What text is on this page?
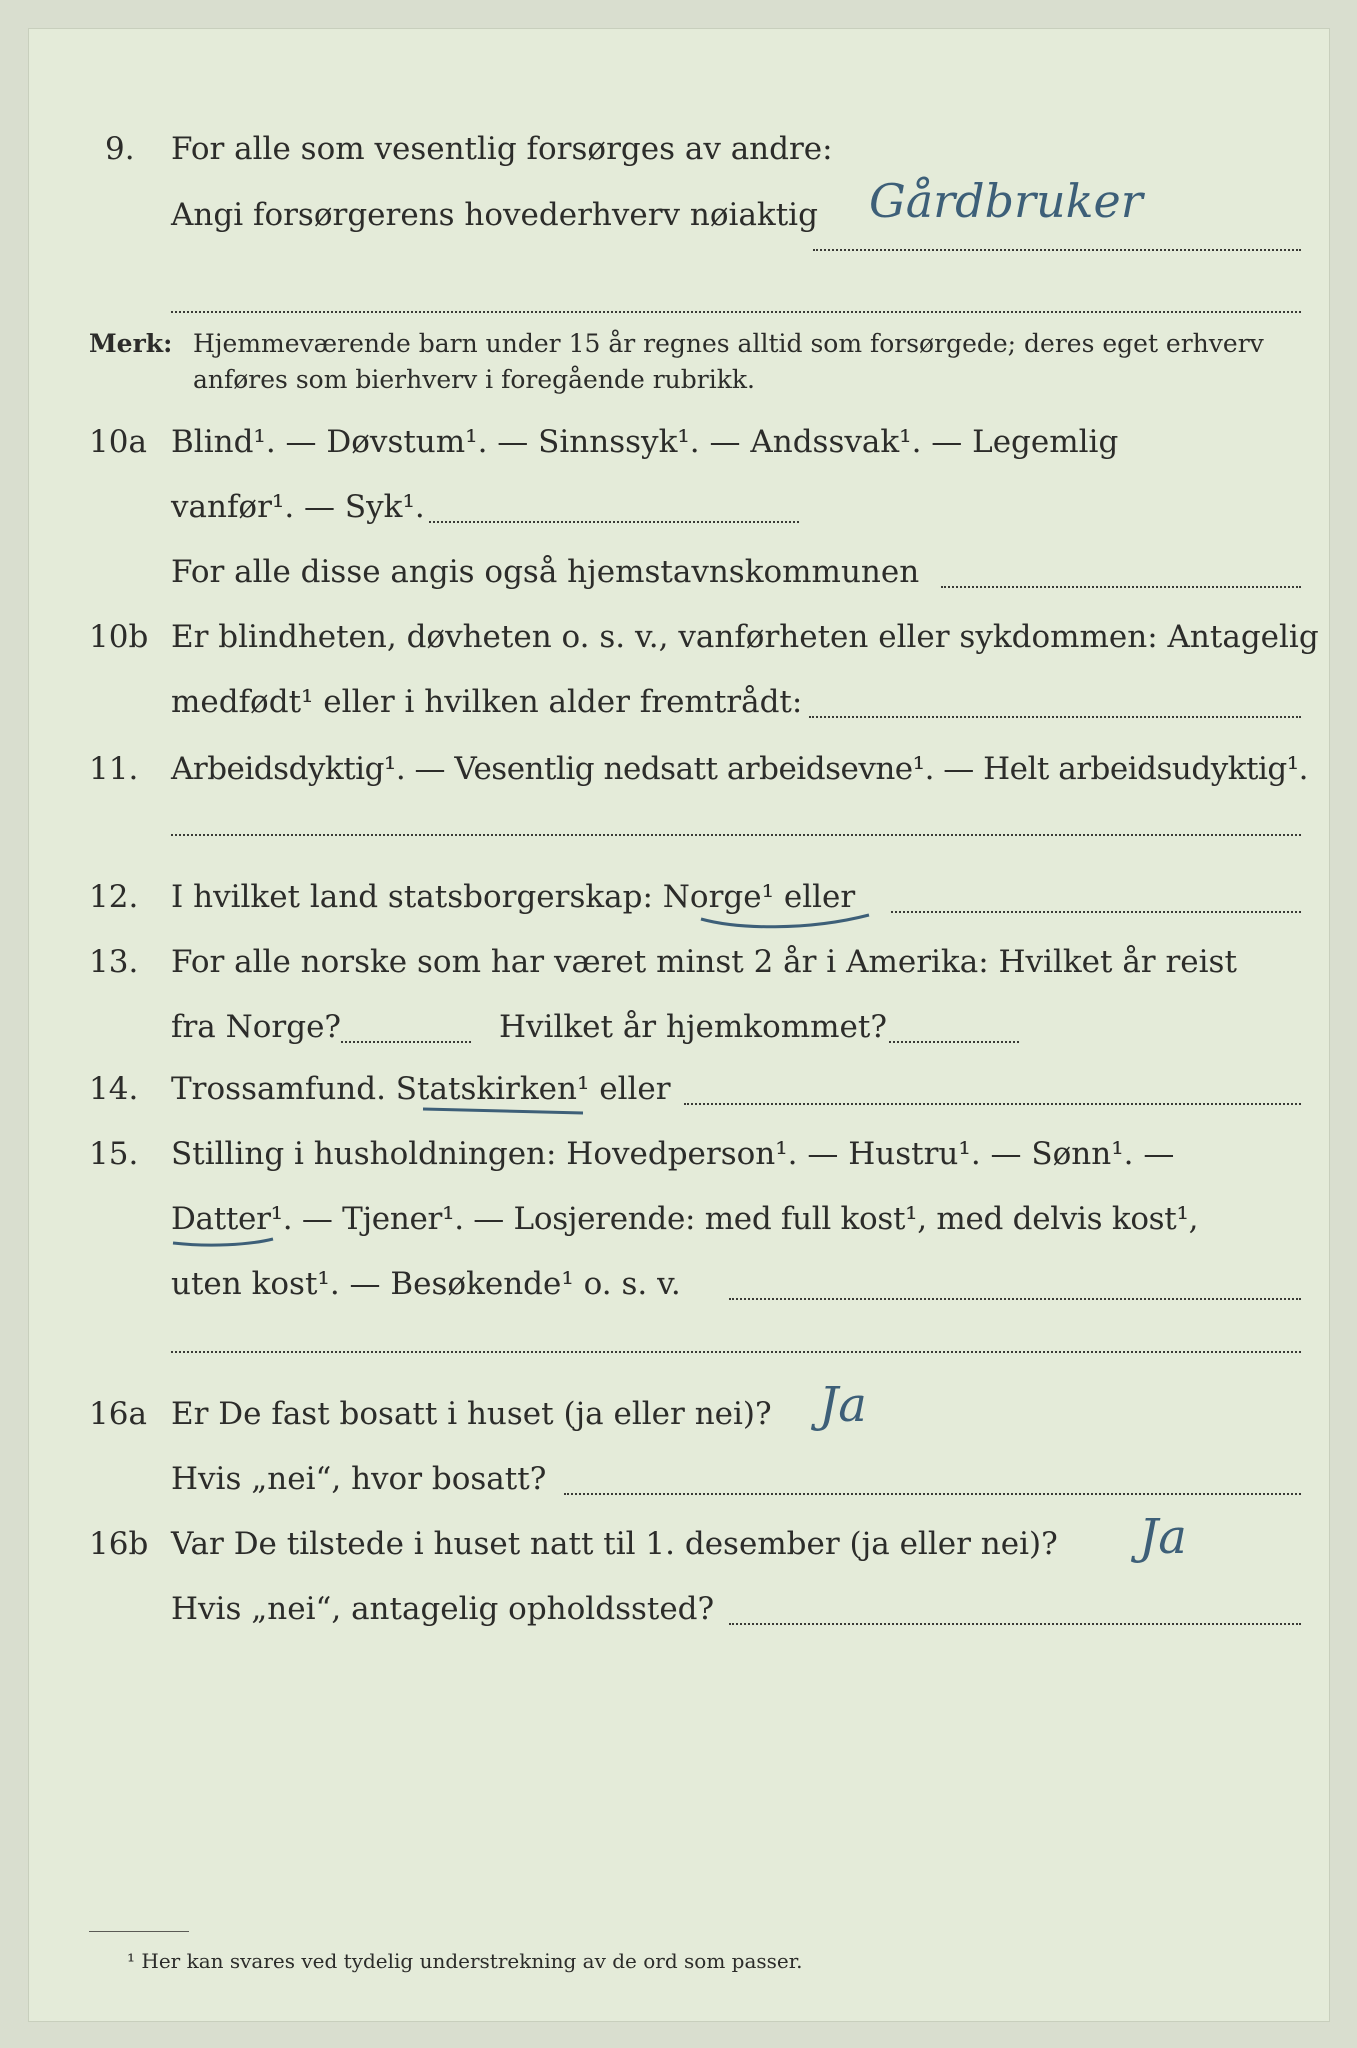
9. For alle som vesentlig forsørges av andre:
Angi forsørgerens hovederhverv nøiaktig Gårdbruker
Merk: Hjemmeværende barn under 15 år regnes alltid som forsørgede; deres eget erhverv
anføres som bierhverv i foregående rubrikk.
10a Blind¹. — Døvstum¹. — Sinnssyk¹. — Andssvak¹. — Legemlig
vanfør¹. — Syk¹.
For alle disse angis også hjemstavnskommunen
10b Er blindheten, døvheten o. s. v., vanførheten eller sykdommen: Antagelig
medfødt¹ eller i hvilken alder fremtrådt:
11. Arbeidsdyktig¹. — Vesentlig nedsatt arbeidsevne¹. — Helt arbeidsudyktig¹.
12. I hvilket land statsborgerskap: Norge¹ eller
13. For alle norske som har været minst 2 år i Amerika: Hvilket år reist
fra Norge?	Hvilket år hjemkommet?
14. Trossamfund. Statskirken¹ eller
15. Stilling i husholdningen: Hovedperson¹. — Hustru¹. — Sønn¹. —
Datter¹. — Tjener¹. — Losjerende: med full kost¹, med delvis kost¹,
uten kost¹. — Besøkende¹ o. s. v.
16a Er De fast bosatt i huset (ja eller nei)? Ja
Hvis „nei“, hvor bosatt?
16b Var De tilstede i huset natt til 1. desember (ja eller nei)? Ja
Hvis „nei“, antagelig opholdssted?
¹ Her kan svares ved tydelig understrekning av de ord som passer.
